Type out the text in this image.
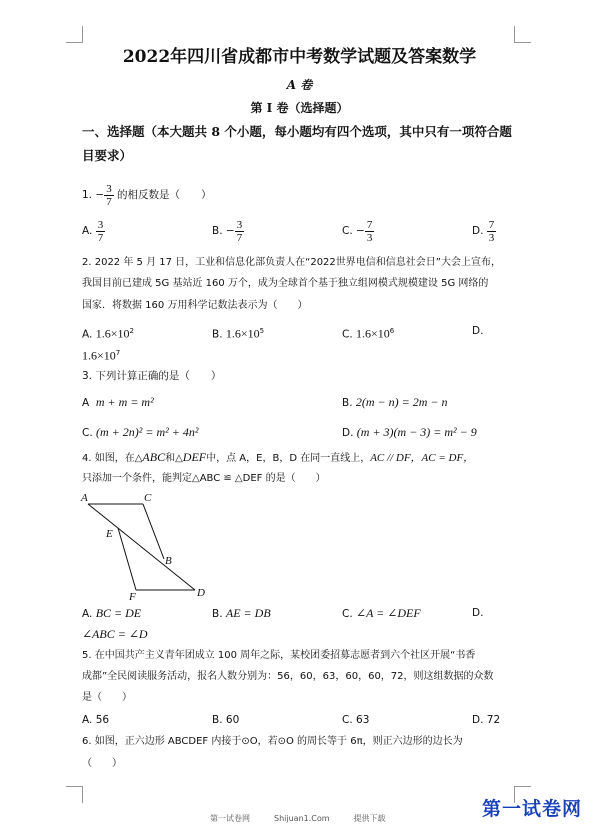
2022年四川省成都市中考数学试题及答案数学
A 卷
第 I 卷（选择题）
一、选择题（本大题共 8 个小题，每小题均有四个选项，其中只有一项符合题
目要求）
1. − $\frac{3}{7}$ 的相反数是（　　）
A. $\frac{3}{7}$	B. − $\frac{3}{7}$	C. − $\frac{7}{3}$	D. $\frac{7}{3}$
2. 2022 年 5 月 17 日，工业和信息化部负责人在“2022世界电信和信息社会日”大会上宣布，
我国目前已建成 5G 基站近 160 万个，成为全球首个基于独立组网模式规模建设 5G 网络的
国家．将数据 160 万用科学记数法表示为（　　）
A. $1.6\times 10^2$	B. $1.6\times 10^5$	C. $1.6\times 10^6$	D.
$1.6\times 10^7$
3. 下列计算正确的是（　　）
A m + m = m²	B. 2(m − n) = 2m − n
C. (m + 2n)² = m² + 4n²	D. (m + 3)(m − 3) = m² − 9
4. 如图，在△ABC和△DEF中，点 A，E，B，D 在同一直线上，AC // DF，AC = DF，
只添加一个条件，能判定△ABC ≌ △DEF 的是（　　）
A	C
E
B
F	D
A. BC = DE	B. AE = DB	C. ∠A = ∠DEF	D.
∠ABC = ∠D
5. 在中国共产主义青年团成立 100 周年之际，某校团委招募志愿者到六个社区开展“书香
成都”全民阅读服务活动，报名人数分别为：56，60，63，60，60，72，则这组数据的众数
是（　　）
A. 56	B. 60	C. 63	D. 72
6. 如图，正六边形 ABCDEF 内接于⊙O，若⊙O 的周长等于 6π，则正六边形的边长为
（　　）
第一试卷网	Shijuan1.Com	提供下载	第一试卷网
